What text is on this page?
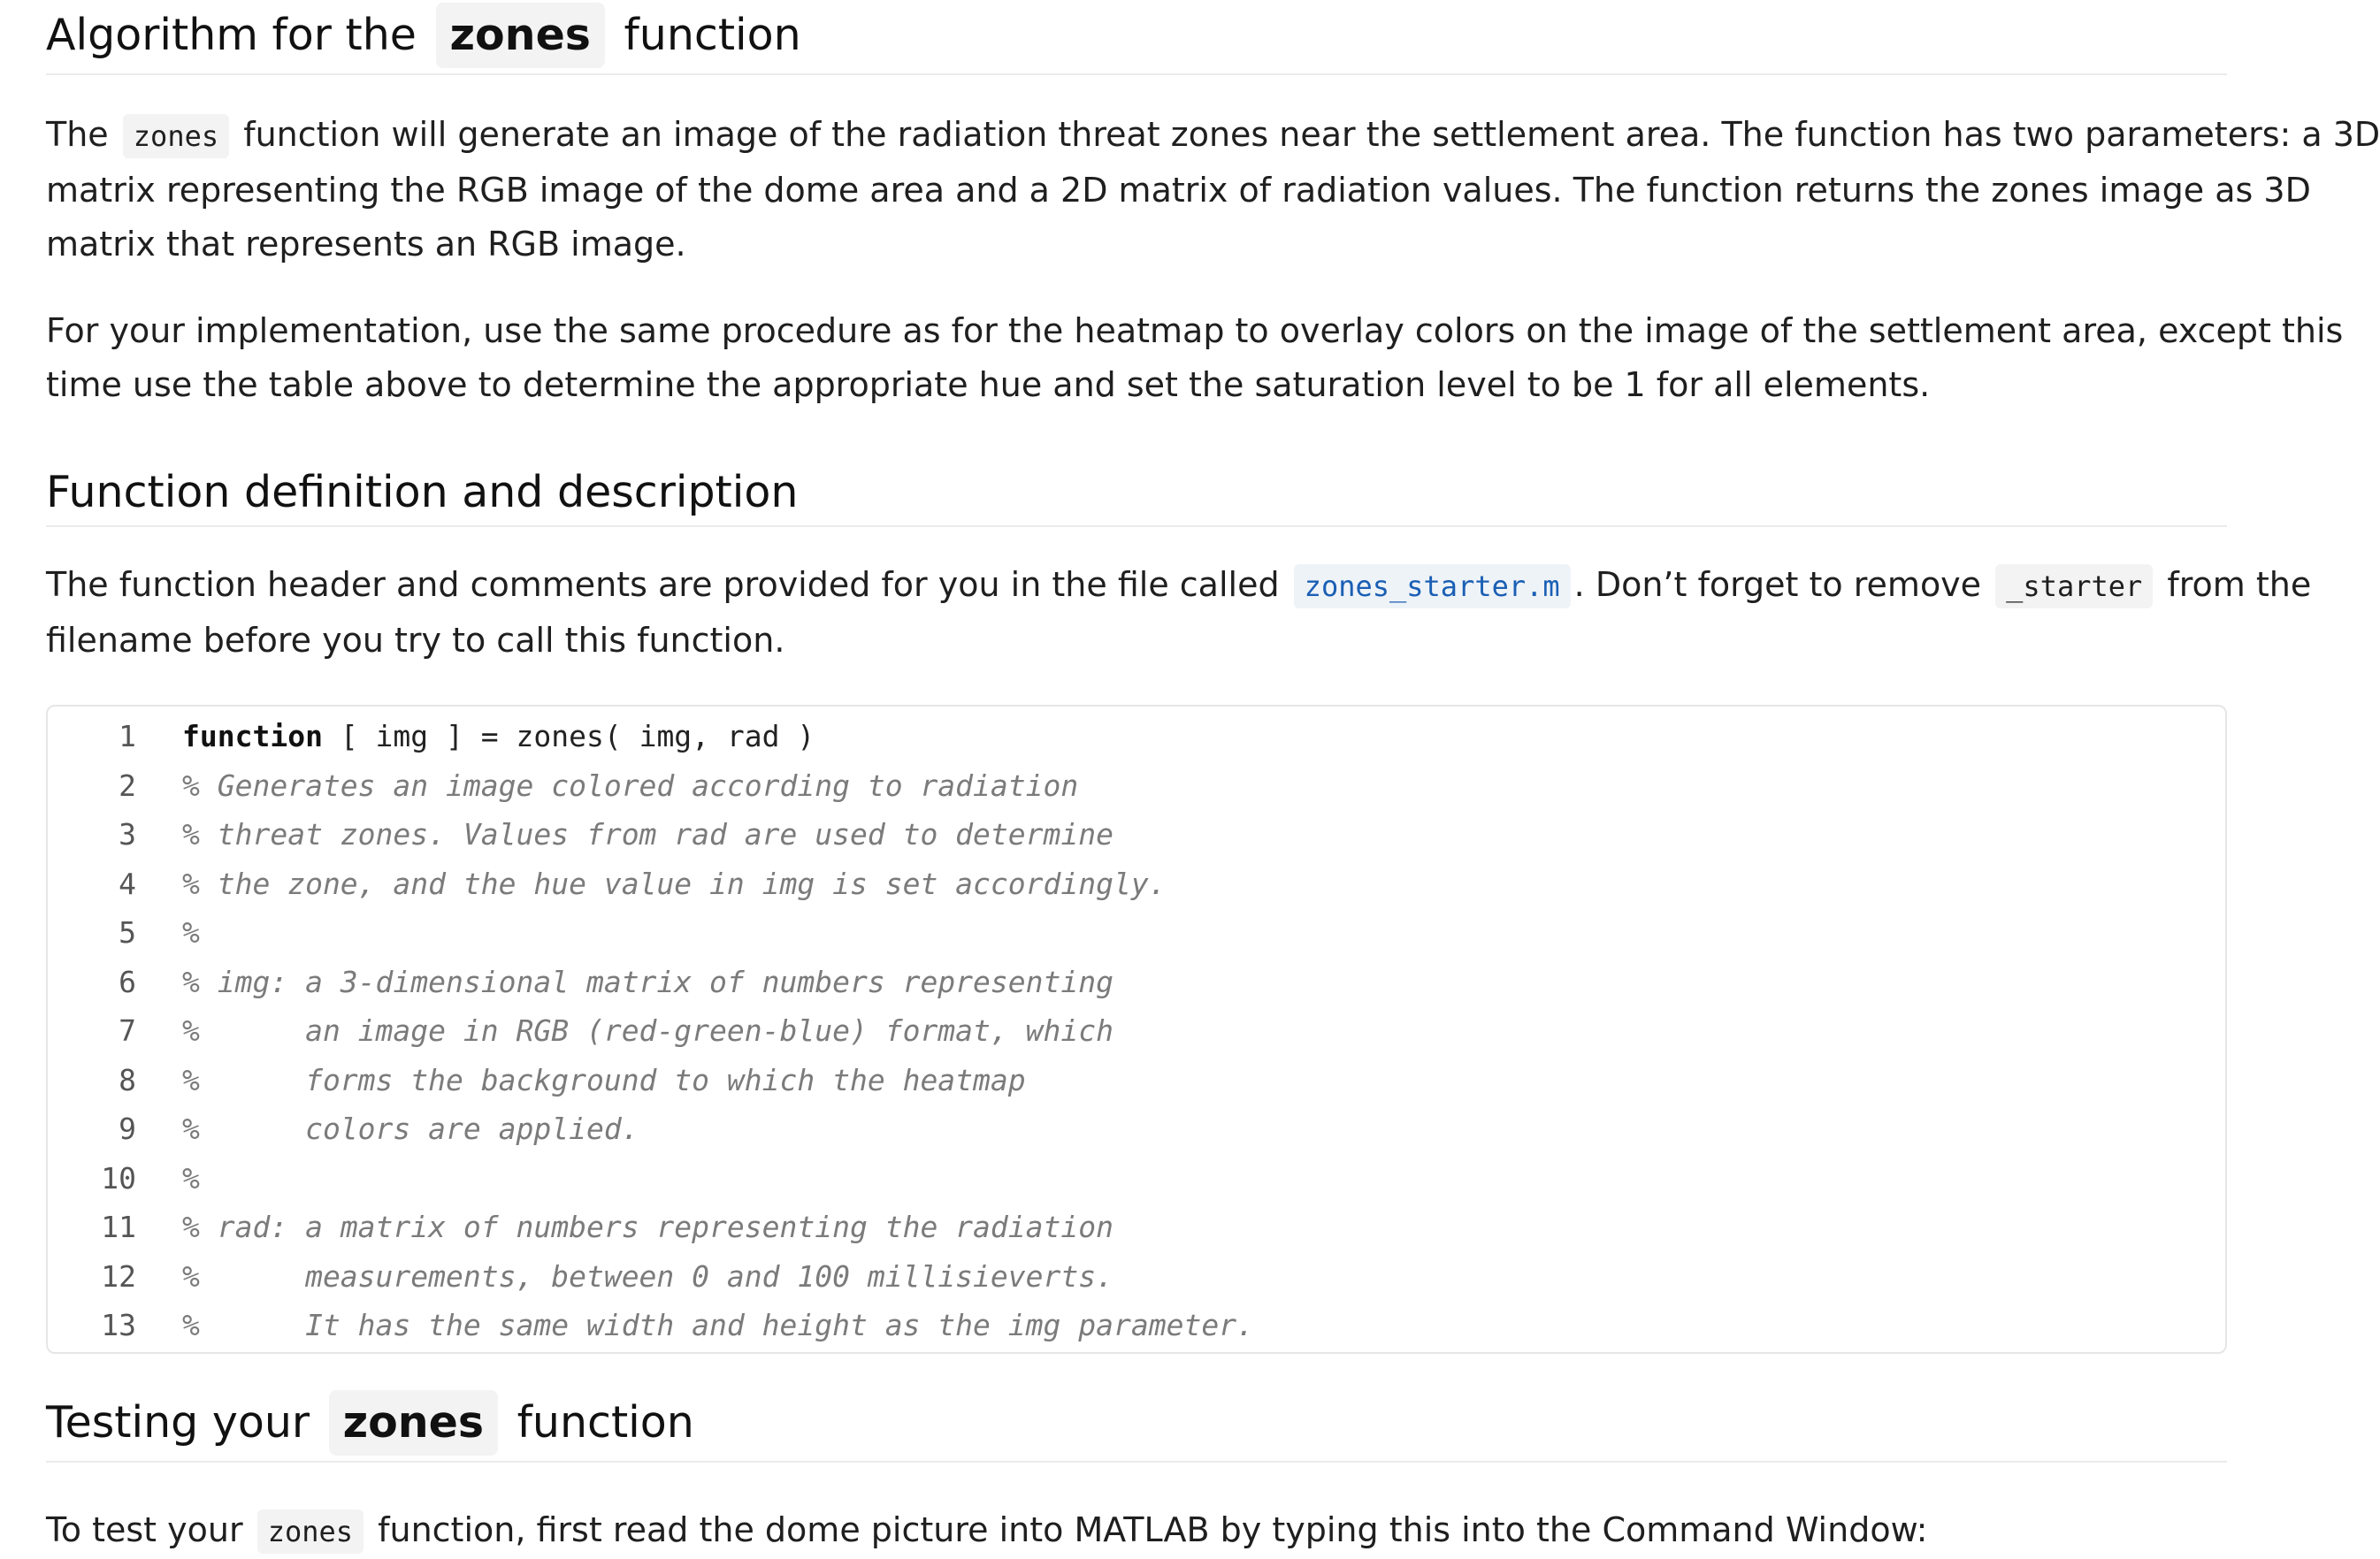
Algorithm for the zones function

The zones function will generate an image of the radiation threat zones near the settlement area. The function has two parameters: a 3D

matrix representing the RGB image of the dome area and a 2D matrix of radiation values. The function returns the zones image as 3D

matrix that represents an RGB image.

For your implementation, use the same procedure as for the heatmap to overlay colors on the image of the settlement area, except this

time use the table above to determine the appropriate hue and set the saturation level to be 1 for all elements.

Function definition and description

The function header and comments are provided for you in the file called zones_starter.m . Don’t forget to remove _starter from the

filename before you try to call this function.

1	function [ img ] = zones( img, rad )
2	% Generates an image colored according to radiation
3	% threat zones. Values from rad are used to determine
4	% the zone, and the hue value in img is set accordingly.
5	%
6	% img: a 3-dimensional matrix of numbers representing
7	%      an image in RGB (red-green-blue) format, which
8	%      forms the background to which the heatmap
9	%      colors are applied.
10	%
11	% rad: a matrix of numbers representing the radiation
12	%      measurements, between 0 and 100 millisieverts.
13	%      It has the same width and height as the img parameter.
Testing your zones function

To test your zones function, first read the dome picture into MATLAB by typing this into the Command Window:
